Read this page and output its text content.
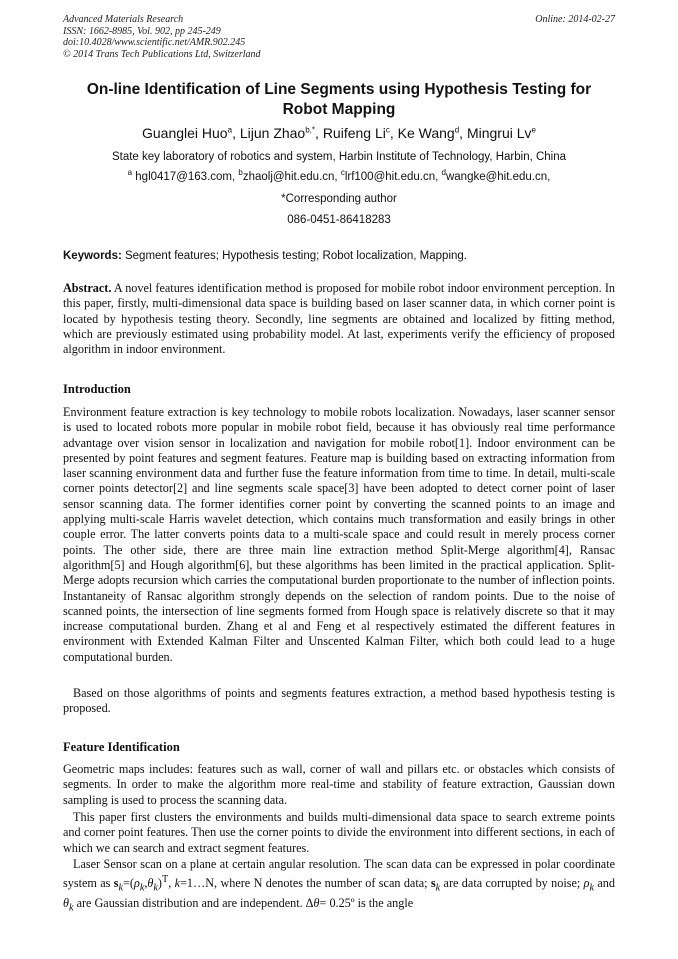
Advanced Materials Research
ISSN: 1662-8985, Vol. 902, pp 245-249
doi:10.4028/www.scientific.net/AMR.902.245
© 2014 Trans Tech Publications Ltd, Switzerland
Online: 2014-02-27
On-line Identification of Line Segments using Hypothesis Testing for Robot Mapping
Guanglei Huo$^a$, Lijun Zhao$^{b,*}$, Ruifeng Li$^c$, Ke Wang$^d$, Mingrui Lv$^e$
State key laboratory of robotics and system, Harbin Institute of Technology, Harbin, China
$^a$ hgl0417@163.com, $^b$zhaolj@hit.edu.cn, $^c$lrf100@hit.edu.cn, $^d$wangke@hit.edu.cn,
*Corresponding author
086-0451-86418283
Keywords: Segment features; Hypothesis testing; Robot localization, Mapping.

Abstract. A novel features identification method is proposed for mobile robot indoor environment perception. In this paper, firstly, multi-dimensional data space is building based on laser scanner data, in which corner point is located by hypothesis testing theory. Secondly, line segments are obtained and localized by fitting method, which are previously estimated using probability model. At last, experiments verify the efficiency of proposed algorithm in indoor environment.

Introduction

Environment feature extraction is key technology to mobile robots localization. Nowadays, laser scanner sensor is used to located robots more popular in mobile robot field, because it has obviously real time performance advantage over vision sensor in localization and navigation for mobile robot[1]. Indoor environment can be presented by point features and segment features. Feature map is building based on extracting information from laser scanning environment data and further fuse the feature information from time to time. In detail, multi-scale corner points detector[2] and line segments scale space[3] have been adopted to detect corner point of laser sensor scanning data. The former identifies corner point by converting the scanned points to an image and applying multi-scale Harris wavelet detection, which contains much transformation and easily brings in other couple error. The latter converts points data to a multi-scale space and could result in merely process corner points. The other side, there are three main line extraction method Split-Merge algorithm[4], Ransac algorithm[5] and Hough algorithm[6], but these algorithms has been limited in the practical application. Split-Merge adopts recursion which carries the computational burden proportionate to the number of inflection points. Instantaneity of Ransac algorithm strongly depends on the selection of random points. Due to the noise of scanned points, the intersection of line segments formed from Hough space is relatively discrete so that it may increase computational burden. Zhang et al and Feng et al respectively estimated the different features in environment with Extended Kalman Filter and Unscented Kalman Filter, which both could lead to a huge computational burden.

Based on those algorithms of points and segments features extraction, a method based hypothesis testing is proposed.

Feature Identification

Geometric maps includes: features such as wall, corner of wall and pillars etc. or obstacles which consists of segments. In order to make the algorithm more real-time and stability of feature extraction, Gaussian down sampling is used to process the scanning data.

This paper first clusters the environments and builds multi-dimensional data space to search extreme points and corner point features. Then use the corner points to divide the environment into different sections, in each of which we can search and extract segment features.

Laser Sensor scan on a plane at certain angular resolution. The scan data can be expressed in polar coordinate system as $s_k=(\rho_k,\theta_k)^T$, k=1…N, where N denotes the number of scan data; $s_k$ are data corrupted by noise; $\rho_k$ and $\theta_k$ are Gaussian distribution and are independent. Δθ= 0.25º is the angle
